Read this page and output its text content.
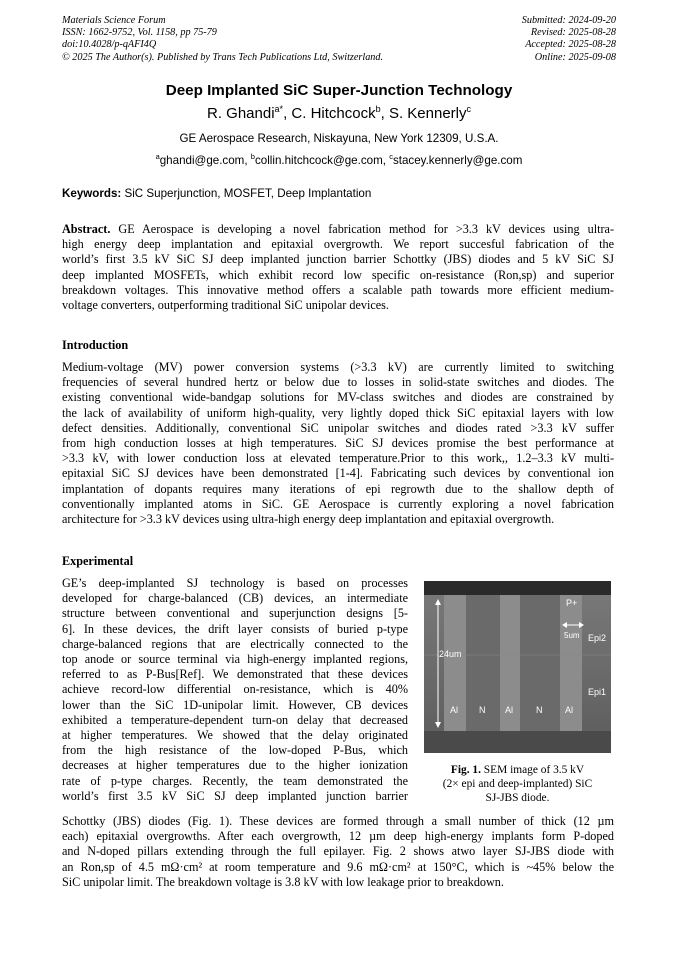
Materials Science Forum
ISSN: 1662-9752, Vol. 1158, pp 75-79
doi:10.4028/p-qAFI4Q
© 2025 The Author(s). Published by Trans Tech Publications Ltd, Switzerland.
Submitted: 2024-09-20
Revised: 2025-08-28
Accepted: 2025-08-28
Online: 2025-09-08
Deep Implanted SiC Super-Junction Technology
R. Ghandi$^{a*}$, C. Hitchcock$^b$, S. Kennerly$^c$
GE Aerospace Research, Niskayuna, New York 12309, U.S.A.
$^a$ghandi@ge.com, $^b$collin.hitchcock@ge.com, $^c$stacey.kennerly@ge.com
Keywords: SiC Superjunction, MOSFET, Deep Implantation
Abstract. GE Aerospace is developing a novel fabrication method for >3.3 kV devices using ultra-
high energy deep implantation and epitaxial overgrowth. We report succesful fabrication of the
world’s first 3.5 kV SiC SJ deep implanted junction barrier Schottky (JBS) diodes and 5 kV SiC SJ
deep implanted MOSFETs, which exhibit record low specific on-resistance (Ron,sp) and superior
breakdown voltages. This innovative method offers a scalable path towards more efficient medium-
voltage converters, outperforming traditional SiC unipolar devices.
Introduction
Medium-voltage (MV) power conversion systems (>3.3 kV) are currently limited to switching
frequencies of several hundred hertz or below due to losses in solid-state switches and diodes. The
existing conventional wide-bandgap solutions for MV-class switches and diodes are constrained by
the lack of availability of uniform high-quality, very lightly doped thick SiC epitaxial layers with low
defect densities. Additionally, conventional SiC unipolar switches and diodes rated >3.3 kV suffer
from high conduction losses at high temperatures. SiC SJ devices promise the best performance at
>3.3 kV, with lower conduction loss at elevated temperature.Prior to this work,, 1.2–3.3 kV multi-
epitaxial SiC SJ devices have been demonstrated [1-4]. Fabricating such devices by conventional ion
implantation of dopants requires many iterations of epi regrowth due to the shallow depth of
conventionally implanted atoms in SiC. GE Aerospace is currently exploring a novel fabrication
architecture for >3.3 kV devices using ultra-high energy deep implantation and epitaxial overgrowth.
Experimental
GE’s deep-implanted SJ technology is based on processes
developed for charge-balanced (CB) devices, an intermediate
structure between conventional and superjunction designs [5-
6]. In these devices, the drift layer consists of buried p-type
charge-balanced regions that are electrically connected to the
top anode or source terminal via high-energy implanted regions,
referred to as P-Bus[Ref]. We demonstrated that these devices
achieve record-low differential on-resistance, which is 40%
lower than the SiC 1D-unipolar limit. However, CB devices
exhibited a temperature-dependent turn-on delay that decreased
at higher temperatures. We showed that the delay originated
from the high resistance of the low-doped P-Bus, which
decreases at higher temperatures due to the higher ionization
rate of p-type charges. Recently, the team demonstrated the
world’s first 3.5 kV SiC SJ deep implanted junction barrier
P+
24um
5um Epi2
Epi1
Al N Al	N	Al
Fig. 1. SEM image of 3.5 kV
(2× epi and deep-implanted) SiC
SJ-JBS diode.
Schottky (JBS) diodes (Fig. 1). These devices are formed through a small number of thick (12 µm
each) epitaxial overgrowths. After each overgrowth, 12 µm deep high-energy implants form P-doped
and N-doped pillars extending through the full epilayer. Fig. 2 shows atwo layer SJ-JBS diode with
an Ron,sp of 4.5 mΩ·cm² at room temperature and 9.6 mΩ·cm² at 150°C, which is ~45% below the
SiC unipolar limit. The breakdown voltage is 3.8 kV with low leakage prior to breakdown.
